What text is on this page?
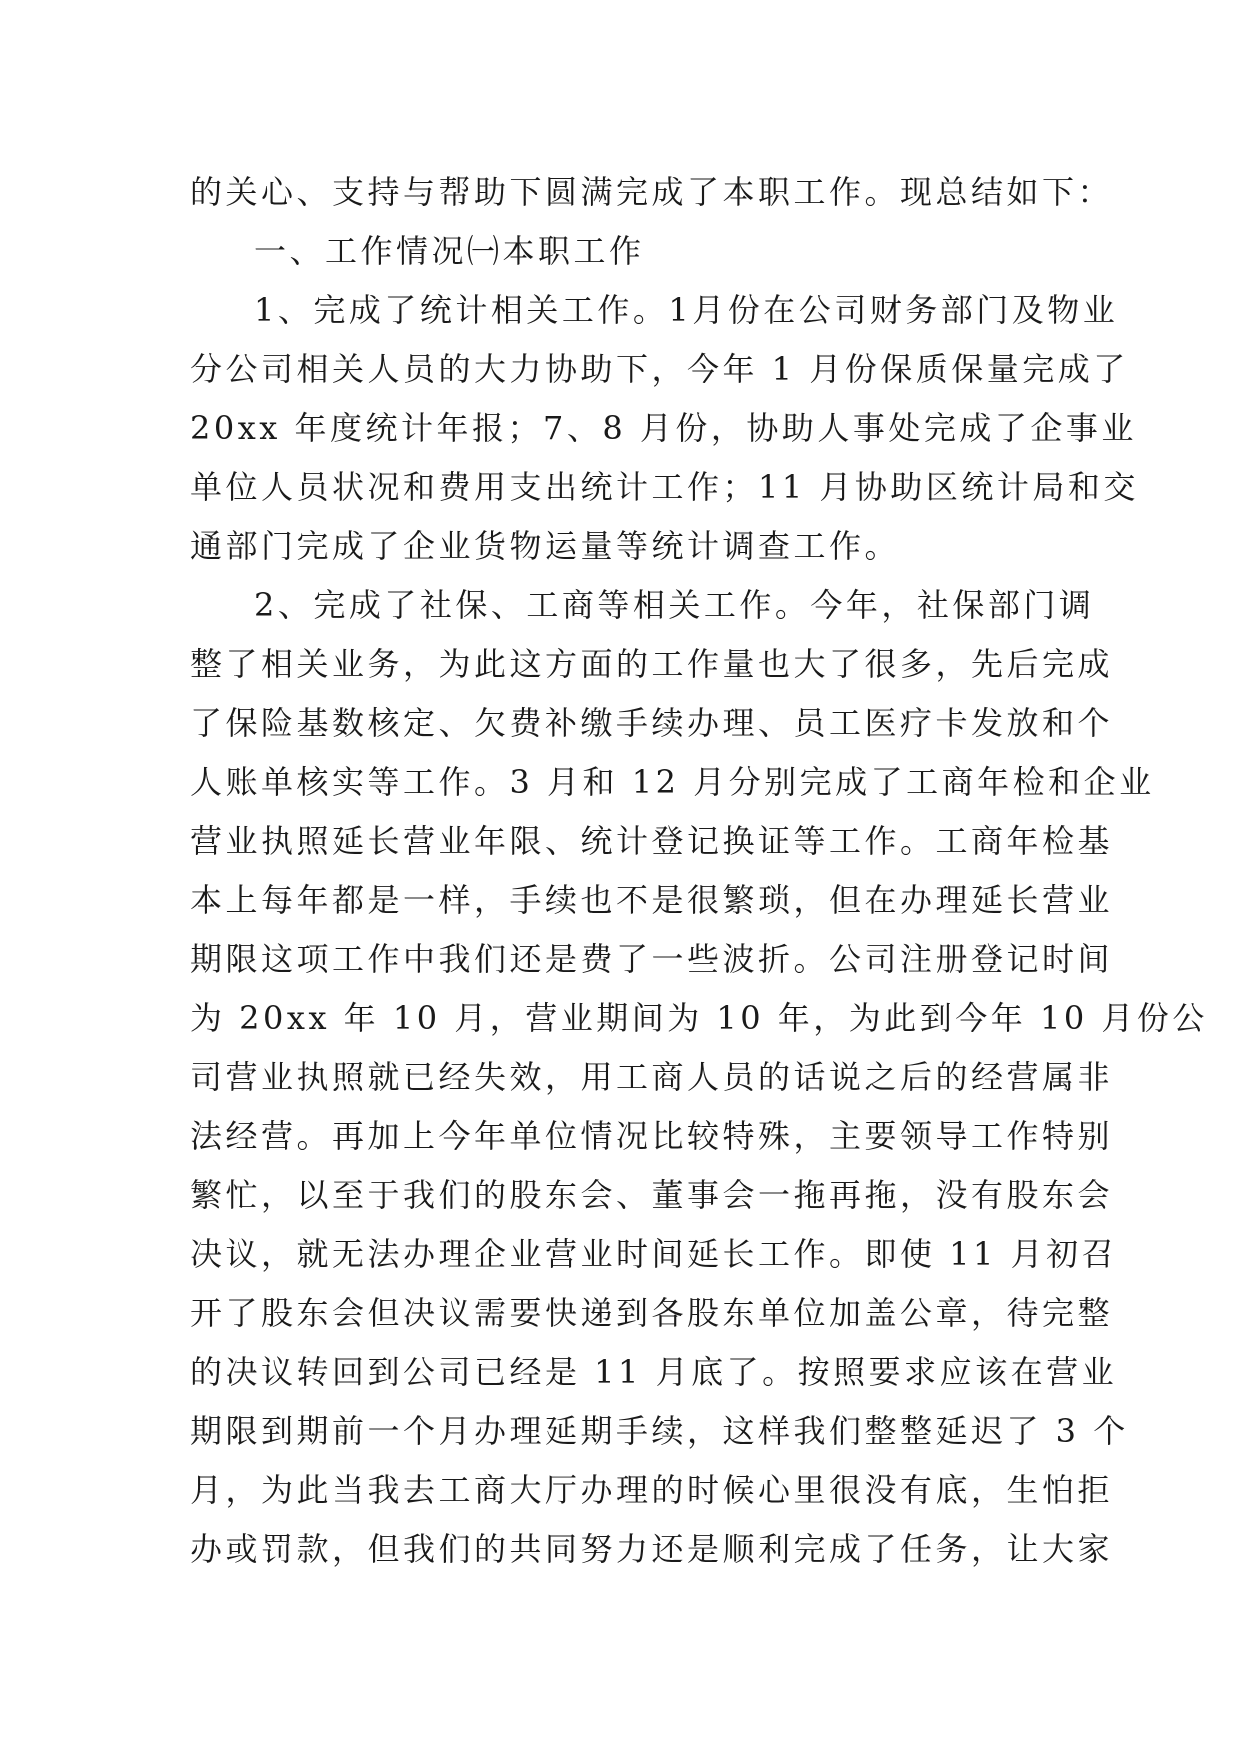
的关心、支持与帮助下圆满完成了本职工作。现总结如下：
一、工作情况㈠本职工作
1、完成了统计相关工作。1月份在公司财务部门及物业
分公司相关人员的大力协助下，今年 1 月份保质保量完成了
20xx 年度统计年报；7、8 月份，协助人事处完成了企事业
单位人员状况和费用支出统计工作；11 月协助区统计局和交
通部门完成了企业货物运量等统计调查工作。
2、完成了社保、工商等相关工作。今年，社保部门调
整了相关业务，为此这方面的工作量也大了很多，先后完成
了保险基数核定、欠费补缴手续办理、员工医疗卡发放和个
人账单核实等工作。3 月和 12 月分别完成了工商年检和企业
营业执照延长营业年限、统计登记换证等工作。工商年检基
本上每年都是一样，手续也不是很繁琐，但在办理延长营业
期限这项工作中我们还是费了一些波折。公司注册登记时间
为 20xx 年 10 月，营业期间为 10 年，为此到今年 10 月份公
司营业执照就已经失效，用工商人员的话说之后的经营属非
法经营。再加上今年单位情况比较特殊，主要领导工作特别
繁忙，以至于我们的股东会、董事会一拖再拖，没有股东会
决议，就无法办理企业营业时间延长工作。即使 11 月初召
开了股东会但决议需要快递到各股东单位加盖公章，待完整
的决议转回到公司已经是 11 月底了。按照要求应该在营业
期限到期前一个月办理延期手续，这样我们整整延迟了 3 个
月，为此当我去工商大厅办理的时候心里很没有底，生怕拒
办或罚款，但我们的共同努力还是顺利完成了任务，让大家
